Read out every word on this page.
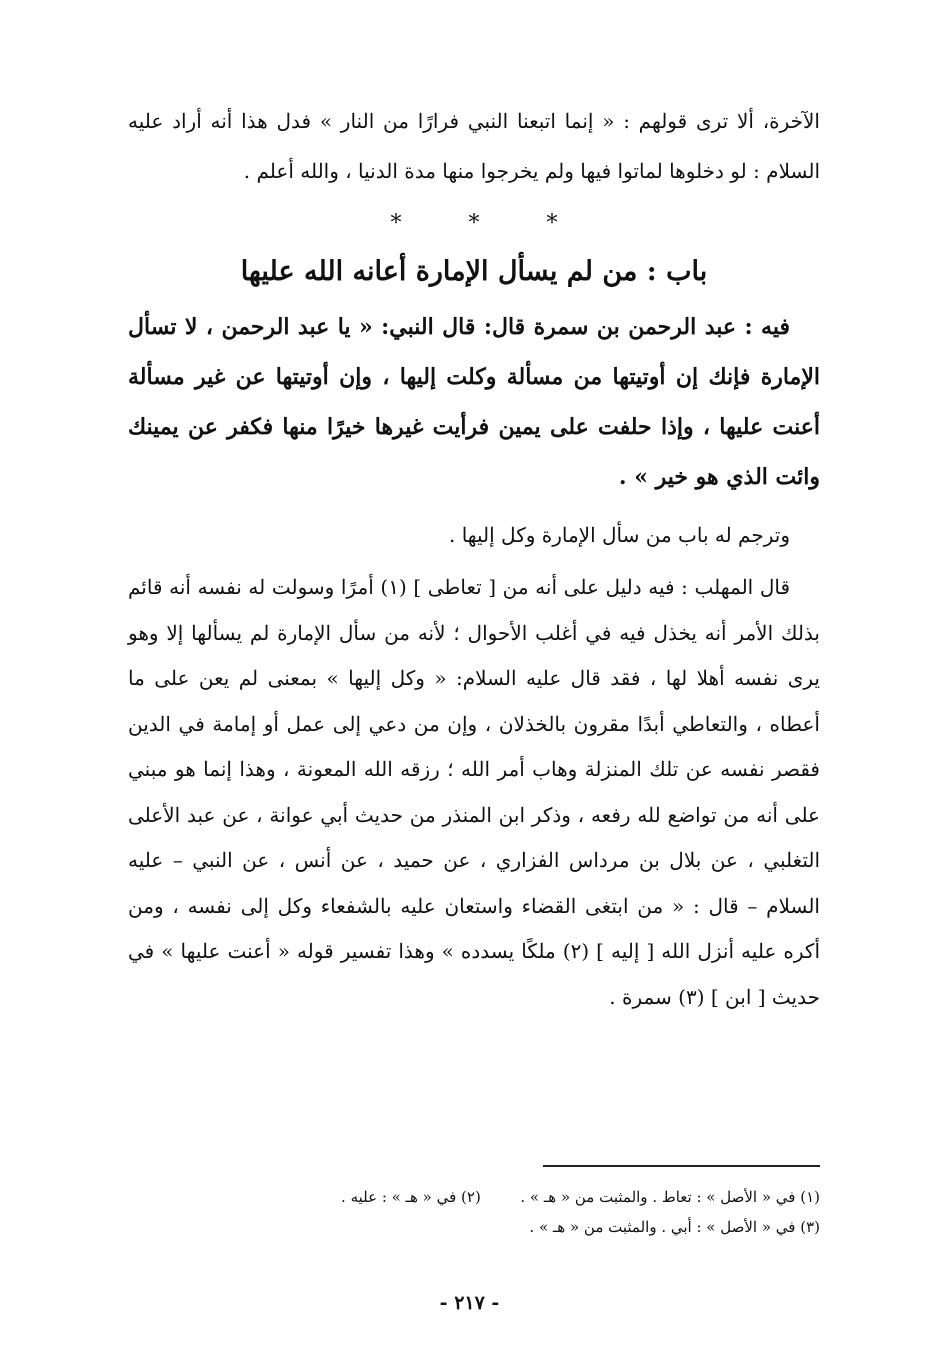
الآخرة، ألا ترى قولهم : « إنما اتبعنا النبي فرارًا من النار » فدل هذا أنه أراد عليه السلام : لو دخلوها لماتوا فيها ولم يخرجوا منها مدة الدنيا ، والله أعلم .

* * *
باب : من لم يسأل الإمارة أعانه الله عليها

فيه : عبد الرحمن بن سمرة قال: قال النبي: « يا عبد الرحمن ، لا تسأل الإمارة فإنك إن أوتيتها من مسألة وكلت إليها ، وإن أوتيتها عن غير مسألة أعنت عليها ، وإذا حلفت على يمين فرأيت غيرها خيرًا منها فكفر عن يمينك وائت الذي هو خير » .

وترجم له باب من سأل الإمارة وكل إليها .

قال المهلب : فيه دليل على أنه من [ تعاطى ] (١) أمرًا وسولت له نفسه أنه قائم بذلك الأمر أنه يخذل فيه في أغلب الأحوال ؛ لأنه من سأل الإمارة لم يسألها إلا وهو يرى نفسه أهلا لها ، فقد قال عليه السلام: « وكل إليها » بمعنى لم يعن على ما أعطاه ، والتعاطي أبدًا مقرون بالخذلان ، وإن من دعي إلى عمل أو إمامة في الدين فقصر نفسه عن تلك المنزلة وهاب أمر الله ؛ رزقه الله المعونة ، وهذا إنما هو مبني على أنه من تواضع لله رفعه ، وذكر ابن المنذر من حديث أبي عوانة ، عن عبد الأعلى التغلبي ، عن بلال بن مرداس الفزاري ، عن حميد ، عن أنس ، عن النبي – عليه السلام – قال : « من ابتغى القضاء واستعان عليه بالشفعاء وكل إلى نفسه ، ومن أكره عليه أنزل الله [ إليه ] (٢) ملكًا يسدده » وهذا تفسير قوله « أعنت عليها » في حديث [ ابن ] (٣) سمرة .

(١) في « الأصل » : تعاط . والمثبت من « هـ » .  (٢) في « هـ » : عليه .
(٣) في « الأصل » : أبي . والمثبت من « هـ » .
- ٢١٧ -
